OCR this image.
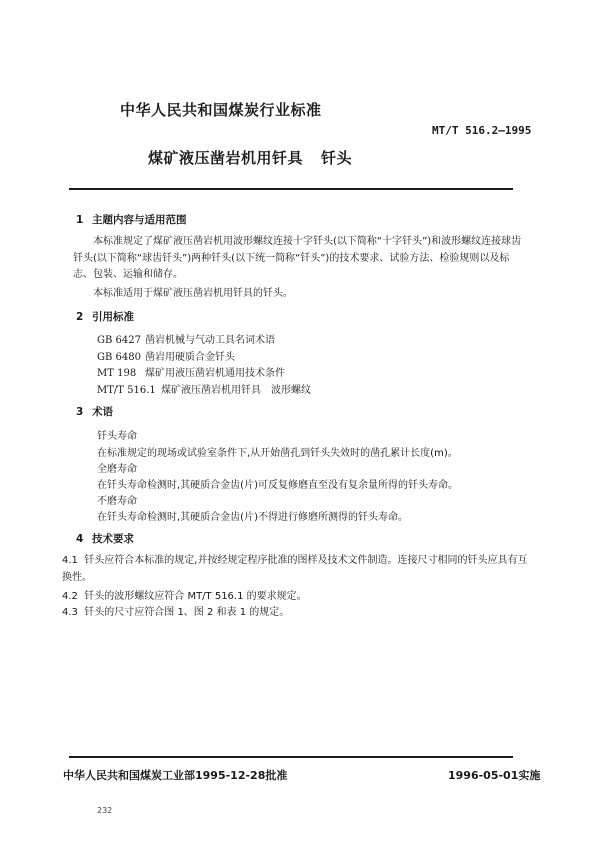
中华人民共和国煤炭行业标准
MT/T 516.2—1995
煤矿液压凿岩机用钎具 钎头
1 主题内容与适用范围
本标准规定了煤矿液压凿岩机用波形螺纹连接十字钎头(以下简称“十字钎头”)和波形螺纹连接球齿钎头(以下简称“球齿钎头”)两种钎头(以下统一简称“钎头”)的技术要求、试验方法、检验规则以及标志、包装、运输和储存。
本标准适用于煤矿液压凿岩机用钎具的钎头。
2 引用标准
GB 6427 凿岩机械与气动工具名词术语
GB 6480 凿岩用硬质合金钎头
MT 198 煤矿用液压凿岩机通用技术条件
MT/T 516.1 煤矿液压凿岩机用钎具　波形螺纹
3 术语
钎头寿命
在标准规定的现场或试验室条件下,从开始凿孔到钎头失效时的凿孔累计长度(m)。
全磨寿命
在钎头寿命检测时,其硬质合金齿(片)可反复修磨直至没有复余量所得的钎头寿命。
不磨寿命
在钎头寿命检测时,其硬质合金齿(片)不得进行修磨所测得的钎头寿命。
4 技术要求
4.1 钎头应符合本标准的规定,并按经规定程序批准的图样及技术文件制造。连接尺寸相同的钎头应具有互换性。
4.2 钎头的波形螺纹应符合 MT/T 516.1 的要求规定。
4.3 钎头的尺寸应符合图 1、图 2 和表 1 的规定。
中华人民共和国煤炭工业部1995-12-28批准	1996-05-01实施
232
